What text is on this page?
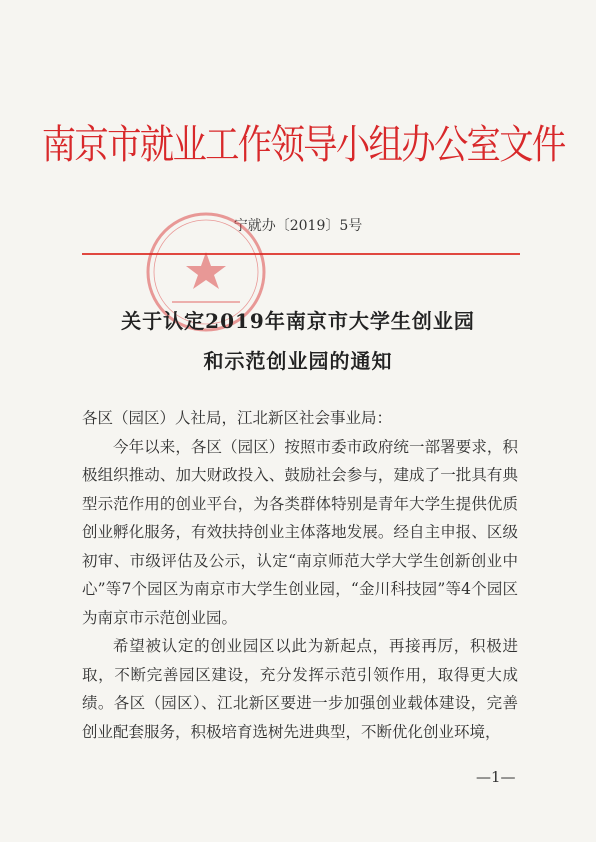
南京市就业工作领导小组办公室文件
宁就办〔2019〕5号
关于认定2019年南京市大学生创业园
和示范创业园的通知

各区（园区）人社局，江北新区社会事业局：

今年以来，各区（园区）按照市委市政府统一部署要求，积极组织推动、加大财政投入、鼓励社会参与，建成了一批具有典型示范作用的创业平台，为各类群体特别是青年大学生提供优质创业孵化服务，有效扶持创业主体落地发展。经自主申报、区级初审、市级评估及公示，认定“南京师范大学大学生创新创业中心”等7个园区为南京市大学生创业园，“金川科技园”等4个园区为南京市示范创业园。

希望被认定的创业园区以此为新起点，再接再厉，积极进取，不断完善园区建设，充分发挥示范引领作用，取得更大成绩。各区（园区）、江北新区要进一步加强创业载体建设，完善创业配套服务，积极培育选树先进典型，不断优化创业环境，

—1—
